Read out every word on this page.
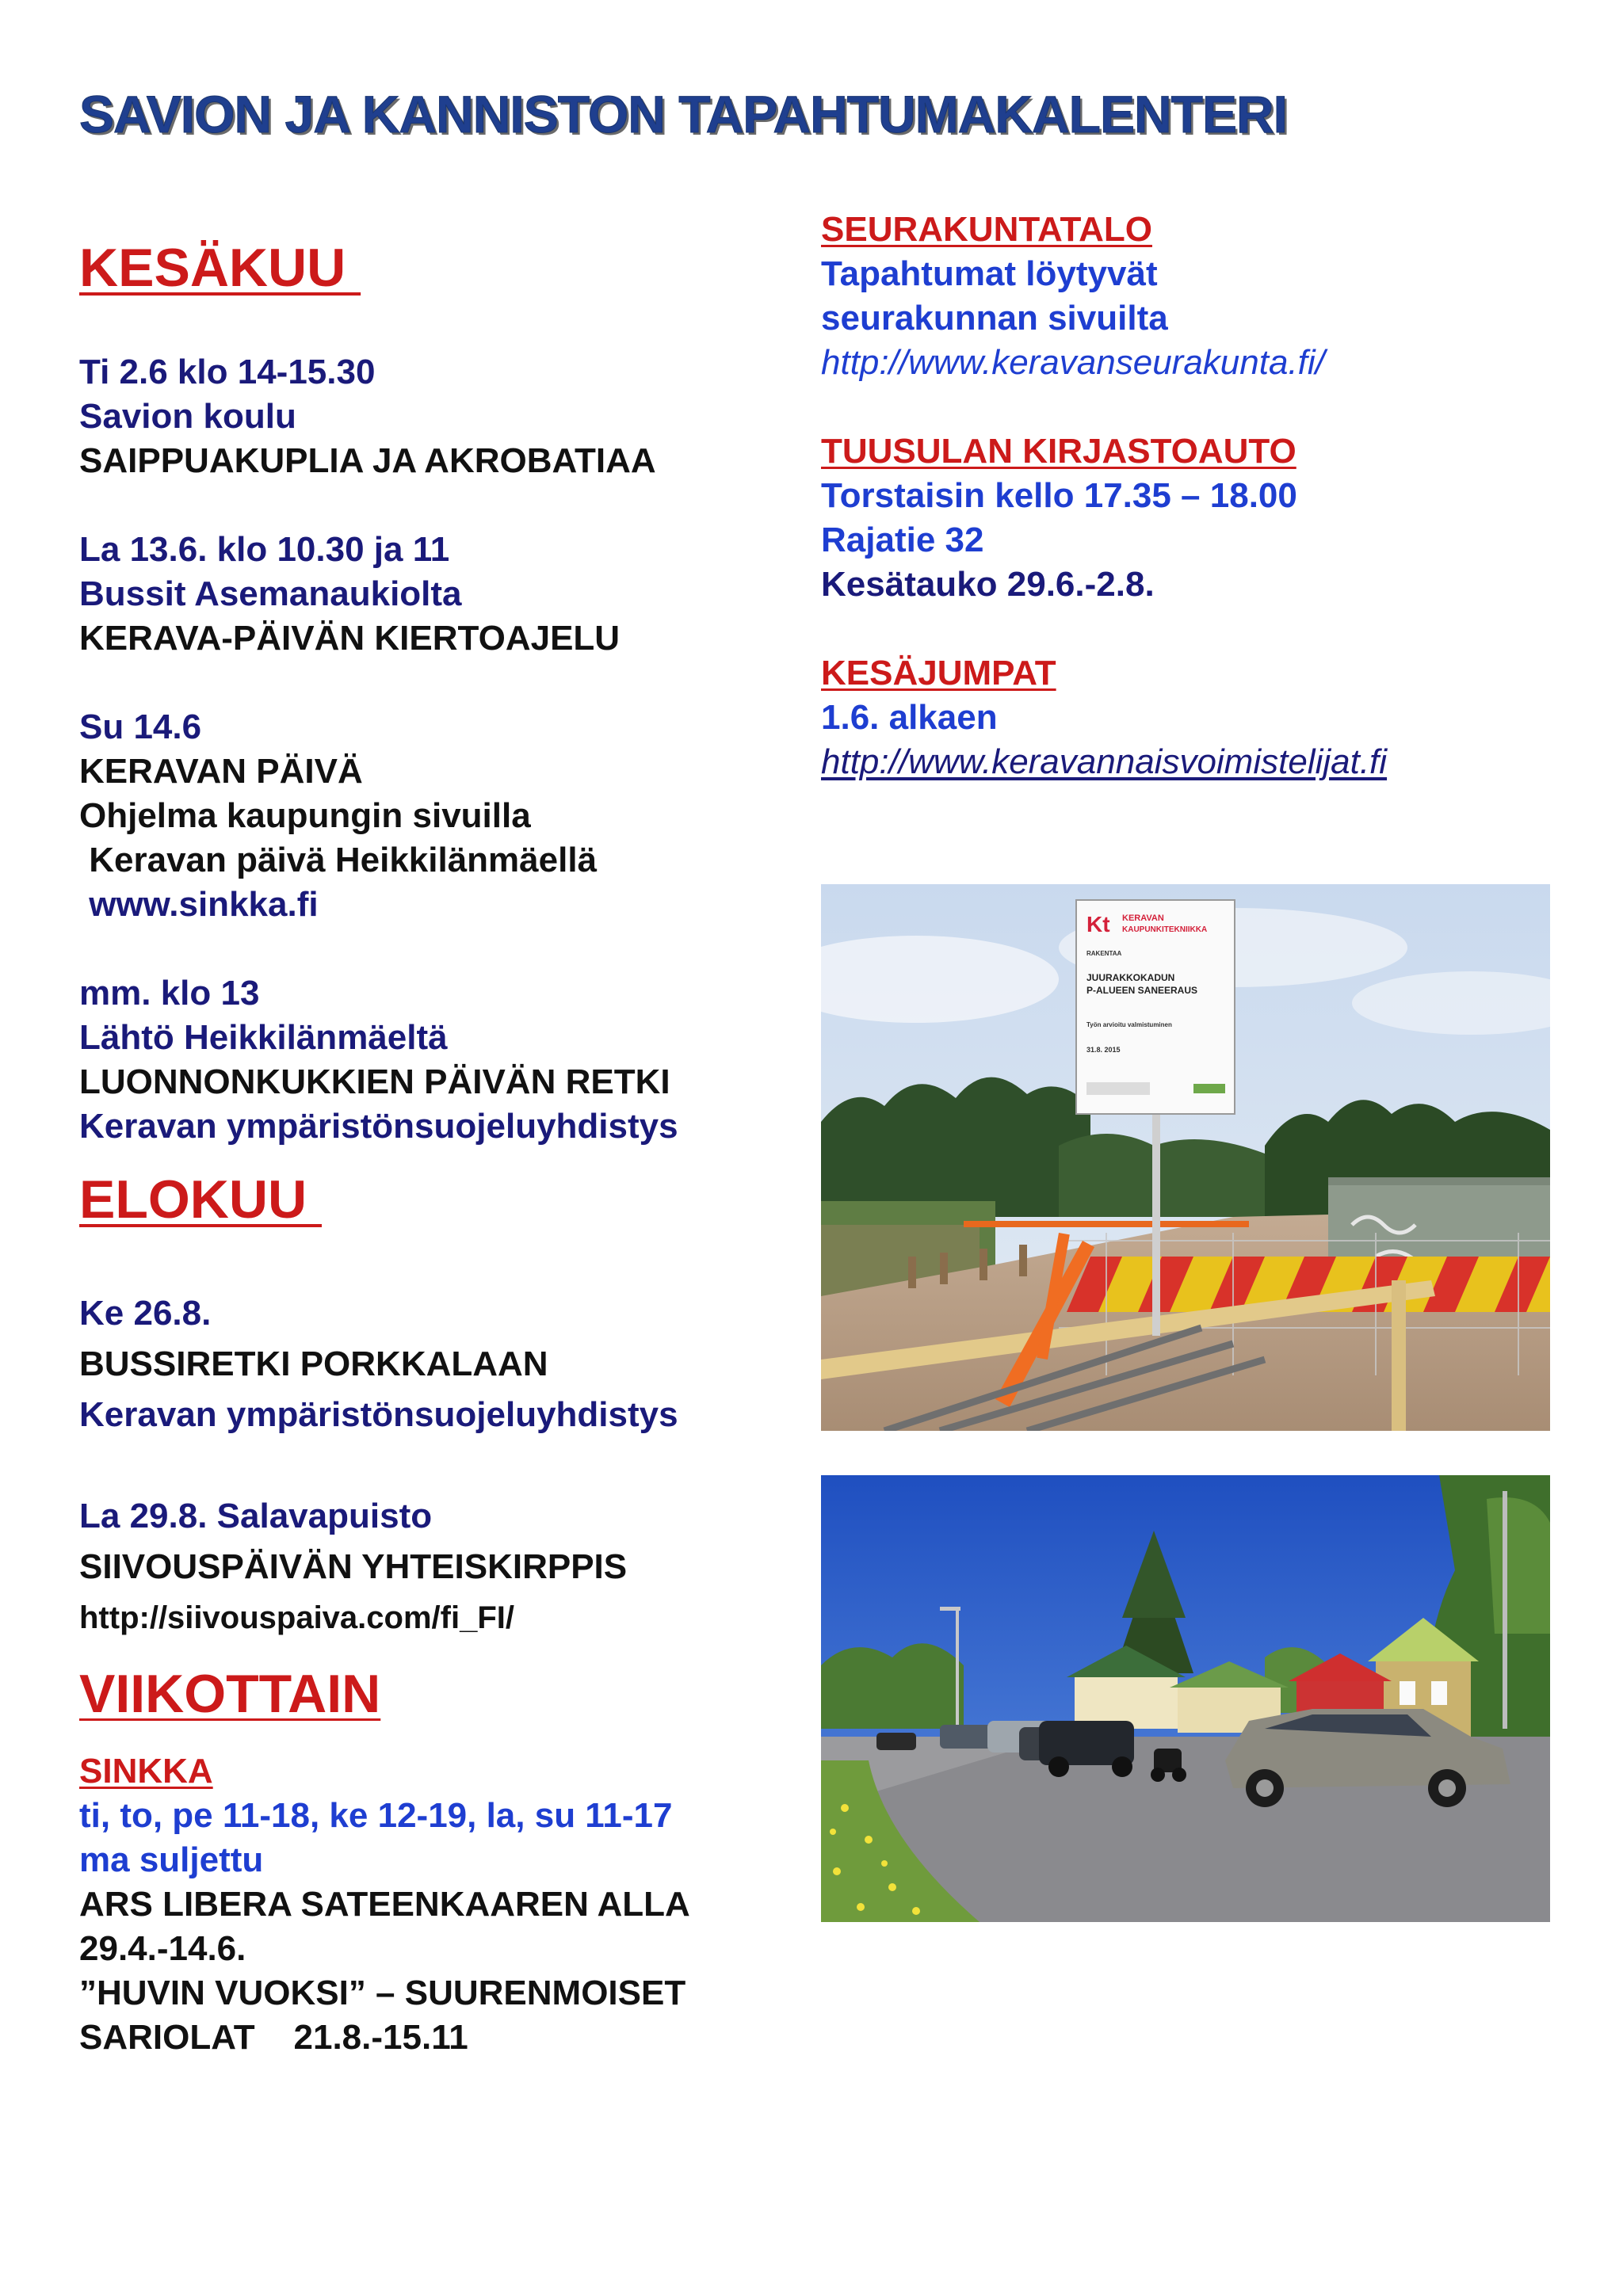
SAVION JA KANNISTON TAPAHTUMAKALENTERI
KESÄKUU
Ti 2.6 klo 14-15.30
Savion koulu
SAIPPUAKUPLIA JA AKROBATIAA
La 13.6. klo 10.30 ja 11
Bussit Asemanaukiolta
KERAVA-PÄIVÄN KIERTOAJELU
Su 14.6
KERAVAN PÄIVÄ
Ohjelma kaupungin sivuilla
Keravan päivä Heikkilänmäellä
www.sinkka.fi
mm. klo 13
Lähtö Heikkilänmäeltä
LUONNONKUKKIEN PÄIVÄN RETKI
Keravan ympäristönsuojeluyhdistys
ELOKUU
Ke 26.8.
BUSSIRETKI PORKKALAAN
Keravan ympäristönsuojeluyhdistys
La 29.8. Salavapuisto
SIIVOUSPÄIVÄN YHTEISKIRPPIS
http://siivouspaiva.com/fi_FI/
VIIKOTTAIN
SINKKA
ti, to, pe 11-18, ke 12-19, la, su 11-17
ma suljettu
ARS LIBERA SATEENKAAREN ALLA
29.4.-14.6.
”HUVIN VUOKSI” – SUURENMOISET
SARIOLAT    21.8.-15.11
SEURAKUNTATALO
Tapahtumat löytyvät
seurakunnan sivuilta
http://www.keravanseurakunta.fi/
TUUSULAN KIRJASTOAUTO
Torstaisin kello 17.35 – 18.00
Rajatie 32
Kesätauko 29.6.-2.8.
KESÄJUMPAT
1.6. alkaen
http://www.keravannaisvoimistelijat.fi
Kt KERAVAN
KAUPUNKITEKNIIKKA
RAKENTAA
JUURAKKOKADUN
P-ALUEEN SANEERAUS
Työn arvioitu valmistuminen
31.8. 2015
